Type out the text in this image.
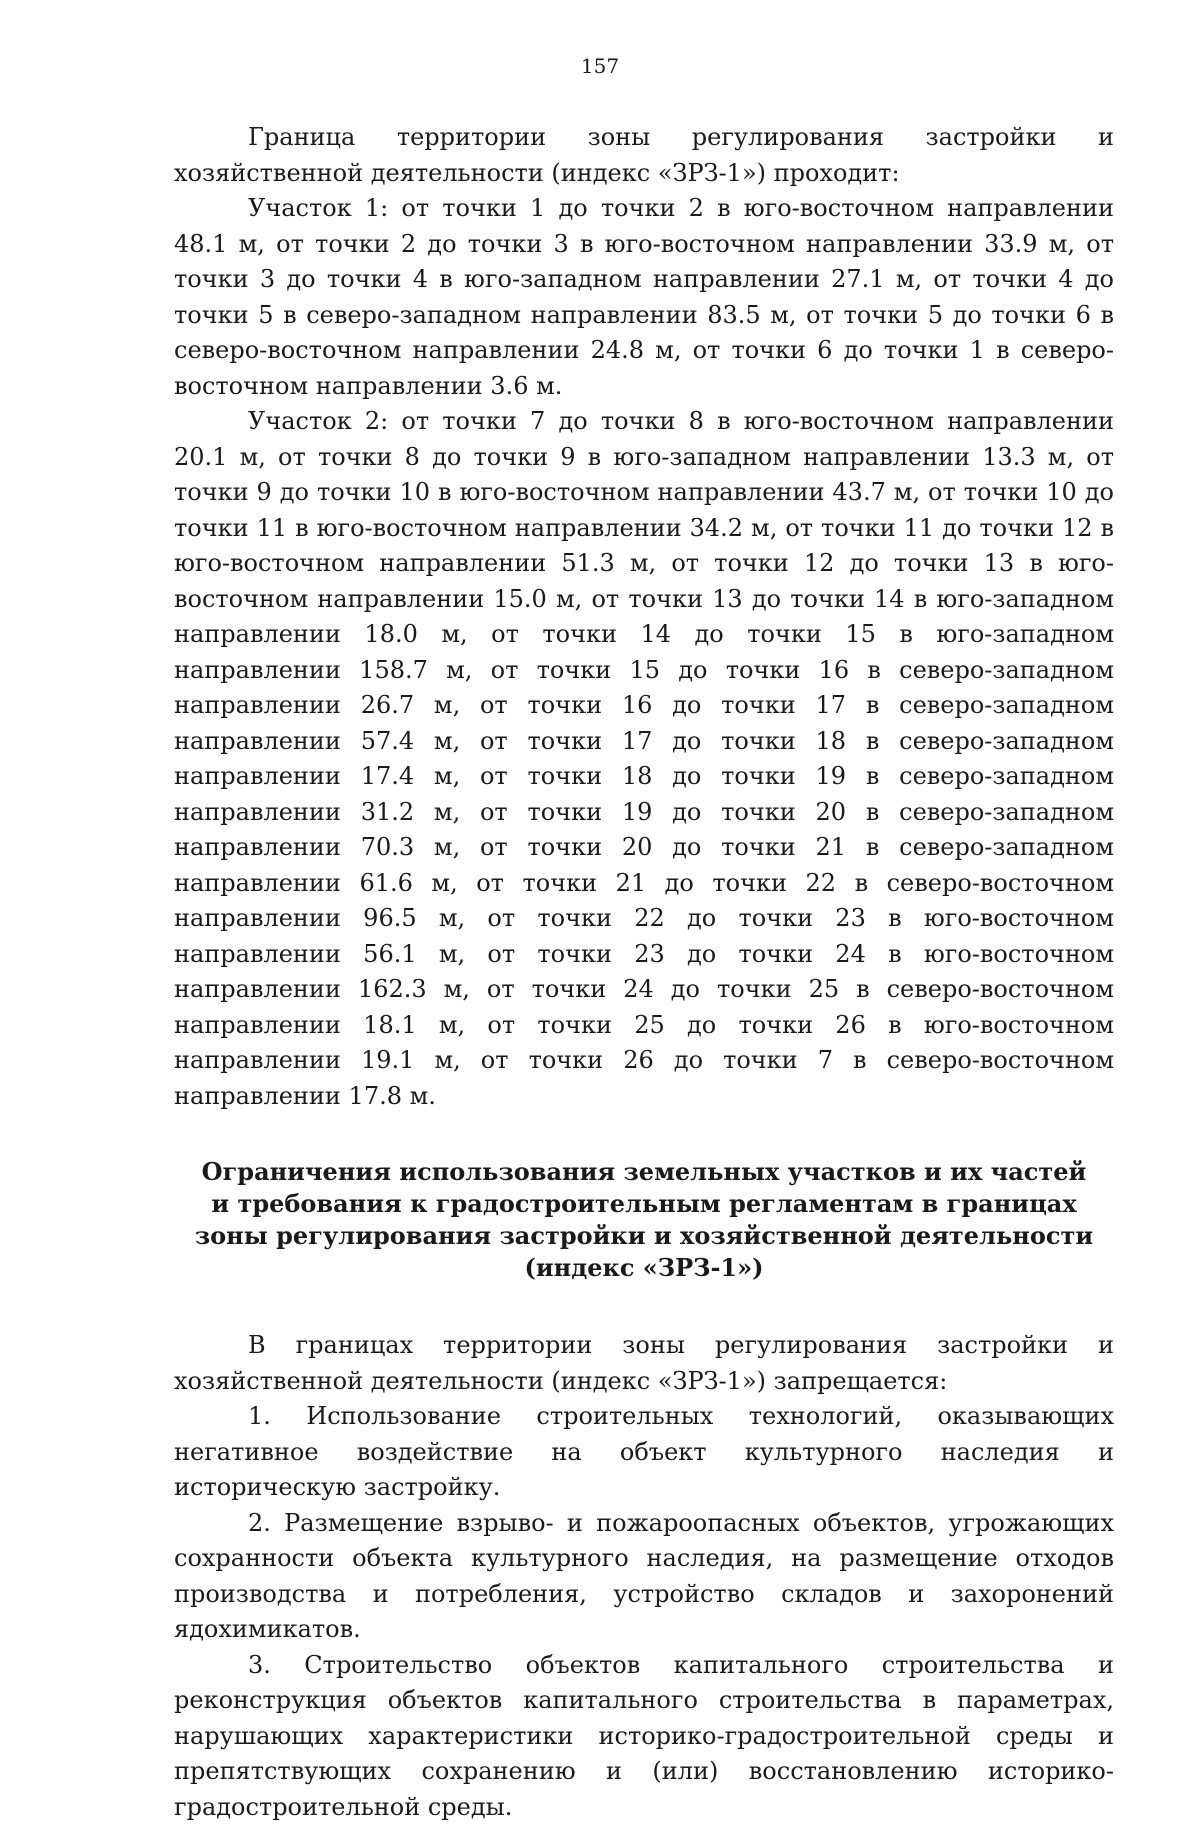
157

Граница территории зоны регулирования застройки и хозяйственной деятельности (индекс «ЗРЗ-1») проходит:

Участок 1: от точки 1 до точки 2 в юго-восточном направлении 48.1 м, от точки 2 до точки 3 в юго-восточном направлении 33.9 м, от точки 3 до точки 4 в юго-западном направлении 27.1 м, от точки 4 до точки 5 в северо-западном направлении 83.5 м, от точки 5 до точки 6 в северо-восточном направлении 24.8 м, от точки 6 до точки 1 в северо-восточном направлении 3.6 м.

Участок 2: от точки 7 до точки 8 в юго-восточном направлении 20.1 м, от точки 8 до точки 9 в юго-западном направлении 13.3 м, от точки 9 до точки 10 в юго-восточном направлении 43.7 м, от точки 10 до точки 11 в юго-восточном направлении 34.2 м, от точки 11 до точки 12 в юго-восточном направлении 51.3 м, от точки 12 до точки 13 в юго-восточном направлении 15.0 м, от точки 13 до точки 14 в юго-западном направлении 18.0 м, от точки 14 до точки 15 в юго-западном направлении 158.7 м, от точки 15 до точки 16 в северо-западном направлении 26.7 м, от точки 16 до точки 17 в северо-западном направлении 57.4 м, от точки 17 до точки 18 в северо-западном направлении 17.4 м, от точки 18 до точки 19 в северо-западном направлении 31.2 м, от точки 19 до точки 20 в северо-западном направлении 70.3 м, от точки 20 до точки 21 в северо-западном направлении 61.6 м, от точки 21 до точки 22 в северо-восточном направлении 96.5 м, от точки 22 до точки 23 в юго-восточном направлении 56.1 м, от точки 23 до точки 24 в юго-восточном направлении 162.3 м, от точки 24 до точки 25 в северо-восточном направлении 18.1 м, от точки 25 до точки 26 в юго-восточном направлении 19.1 м, от точки 26 до точки 7 в северо-восточном направлении 17.8 м.

Ограничения использования земельных участков и их частей
и требования к градостроительным регламентам в границах
зоны регулирования застройки и хозяйственной деятельности
(индекс «ЗРЗ-1»)

В границах территории зоны регулирования застройки и хозяйственной деятельности (индекс «ЗРЗ-1») запрещается:

1. Использование строительных технологий, оказывающих негативное воздействие на объект культурного наследия и историческую застройку.

2. Размещение взрыво- и пожароопасных объектов, угрожающих сохранности объекта культурного наследия, на размещение отходов производства и потребления, устройство складов и захоронений ядохимикатов.

3. Строительство объектов капитального строительства и реконструкция объектов капитального строительства в параметрах, нарушающих характеристики историко-градостроительной среды и препятствующих сохранению и (или) восстановлению историко-градостроительной среды.
